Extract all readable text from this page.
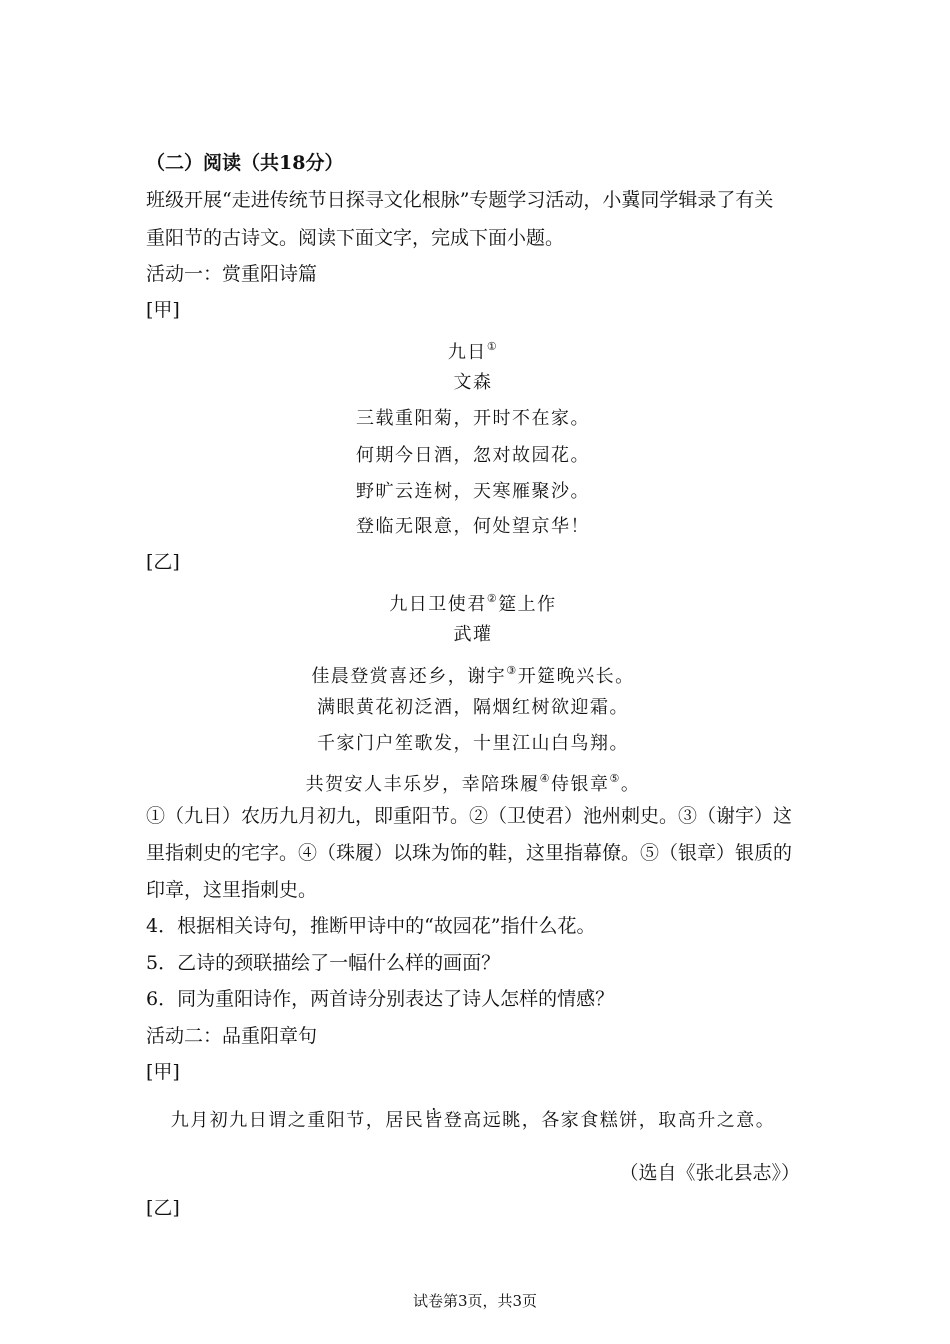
（二）阅读（共18分）
班级开展“走进传统节日探寻文化根脉”专题学习活动，小冀同学辑录了有关
重阳节的古诗文。阅读下面文字，完成下面小题。
活动一：赏重阳诗篇
[甲]
九日①
文森
三载重阳菊，开时不在家。
何期今日酒，忽对故园花。
野旷云连树，天寒雁聚沙。
登临无限意，何处望京华！
[乙]
九日卫使君②筵上作
武瓘
佳晨登赏喜还乡，谢宇③开筵晚兴长。
满眼黄花初泛酒，隔烟红树欲迎霜。
千家门户笙歌发，十里江山白鸟翔。
共贺安人丰乐岁，幸陪珠履④侍银章⑤。
①（九日）农历九月初九，即重阳节。②（卫使君）池州刺史。③（谢宇）这
里指刺史的宅字。④（珠履）以珠为饰的鞋，这里指幕僚。⑤（银章）银质的
印章，这里指刺史。
4．根据相关诗句，推断甲诗中的“故园花”指什么花。
5．乙诗的颈联描绘了一幅什么样的画面？
6．同为重阳诗作，两首诗分别表达了诗人怎样的情感？
活动二：品重阳章句
[甲]
九月初九日谓之重阳节，居民皆登高远眺，各家食糕饼，取高升之意。
（选自《张北县志》）
[乙]
试卷第3页，共3页
